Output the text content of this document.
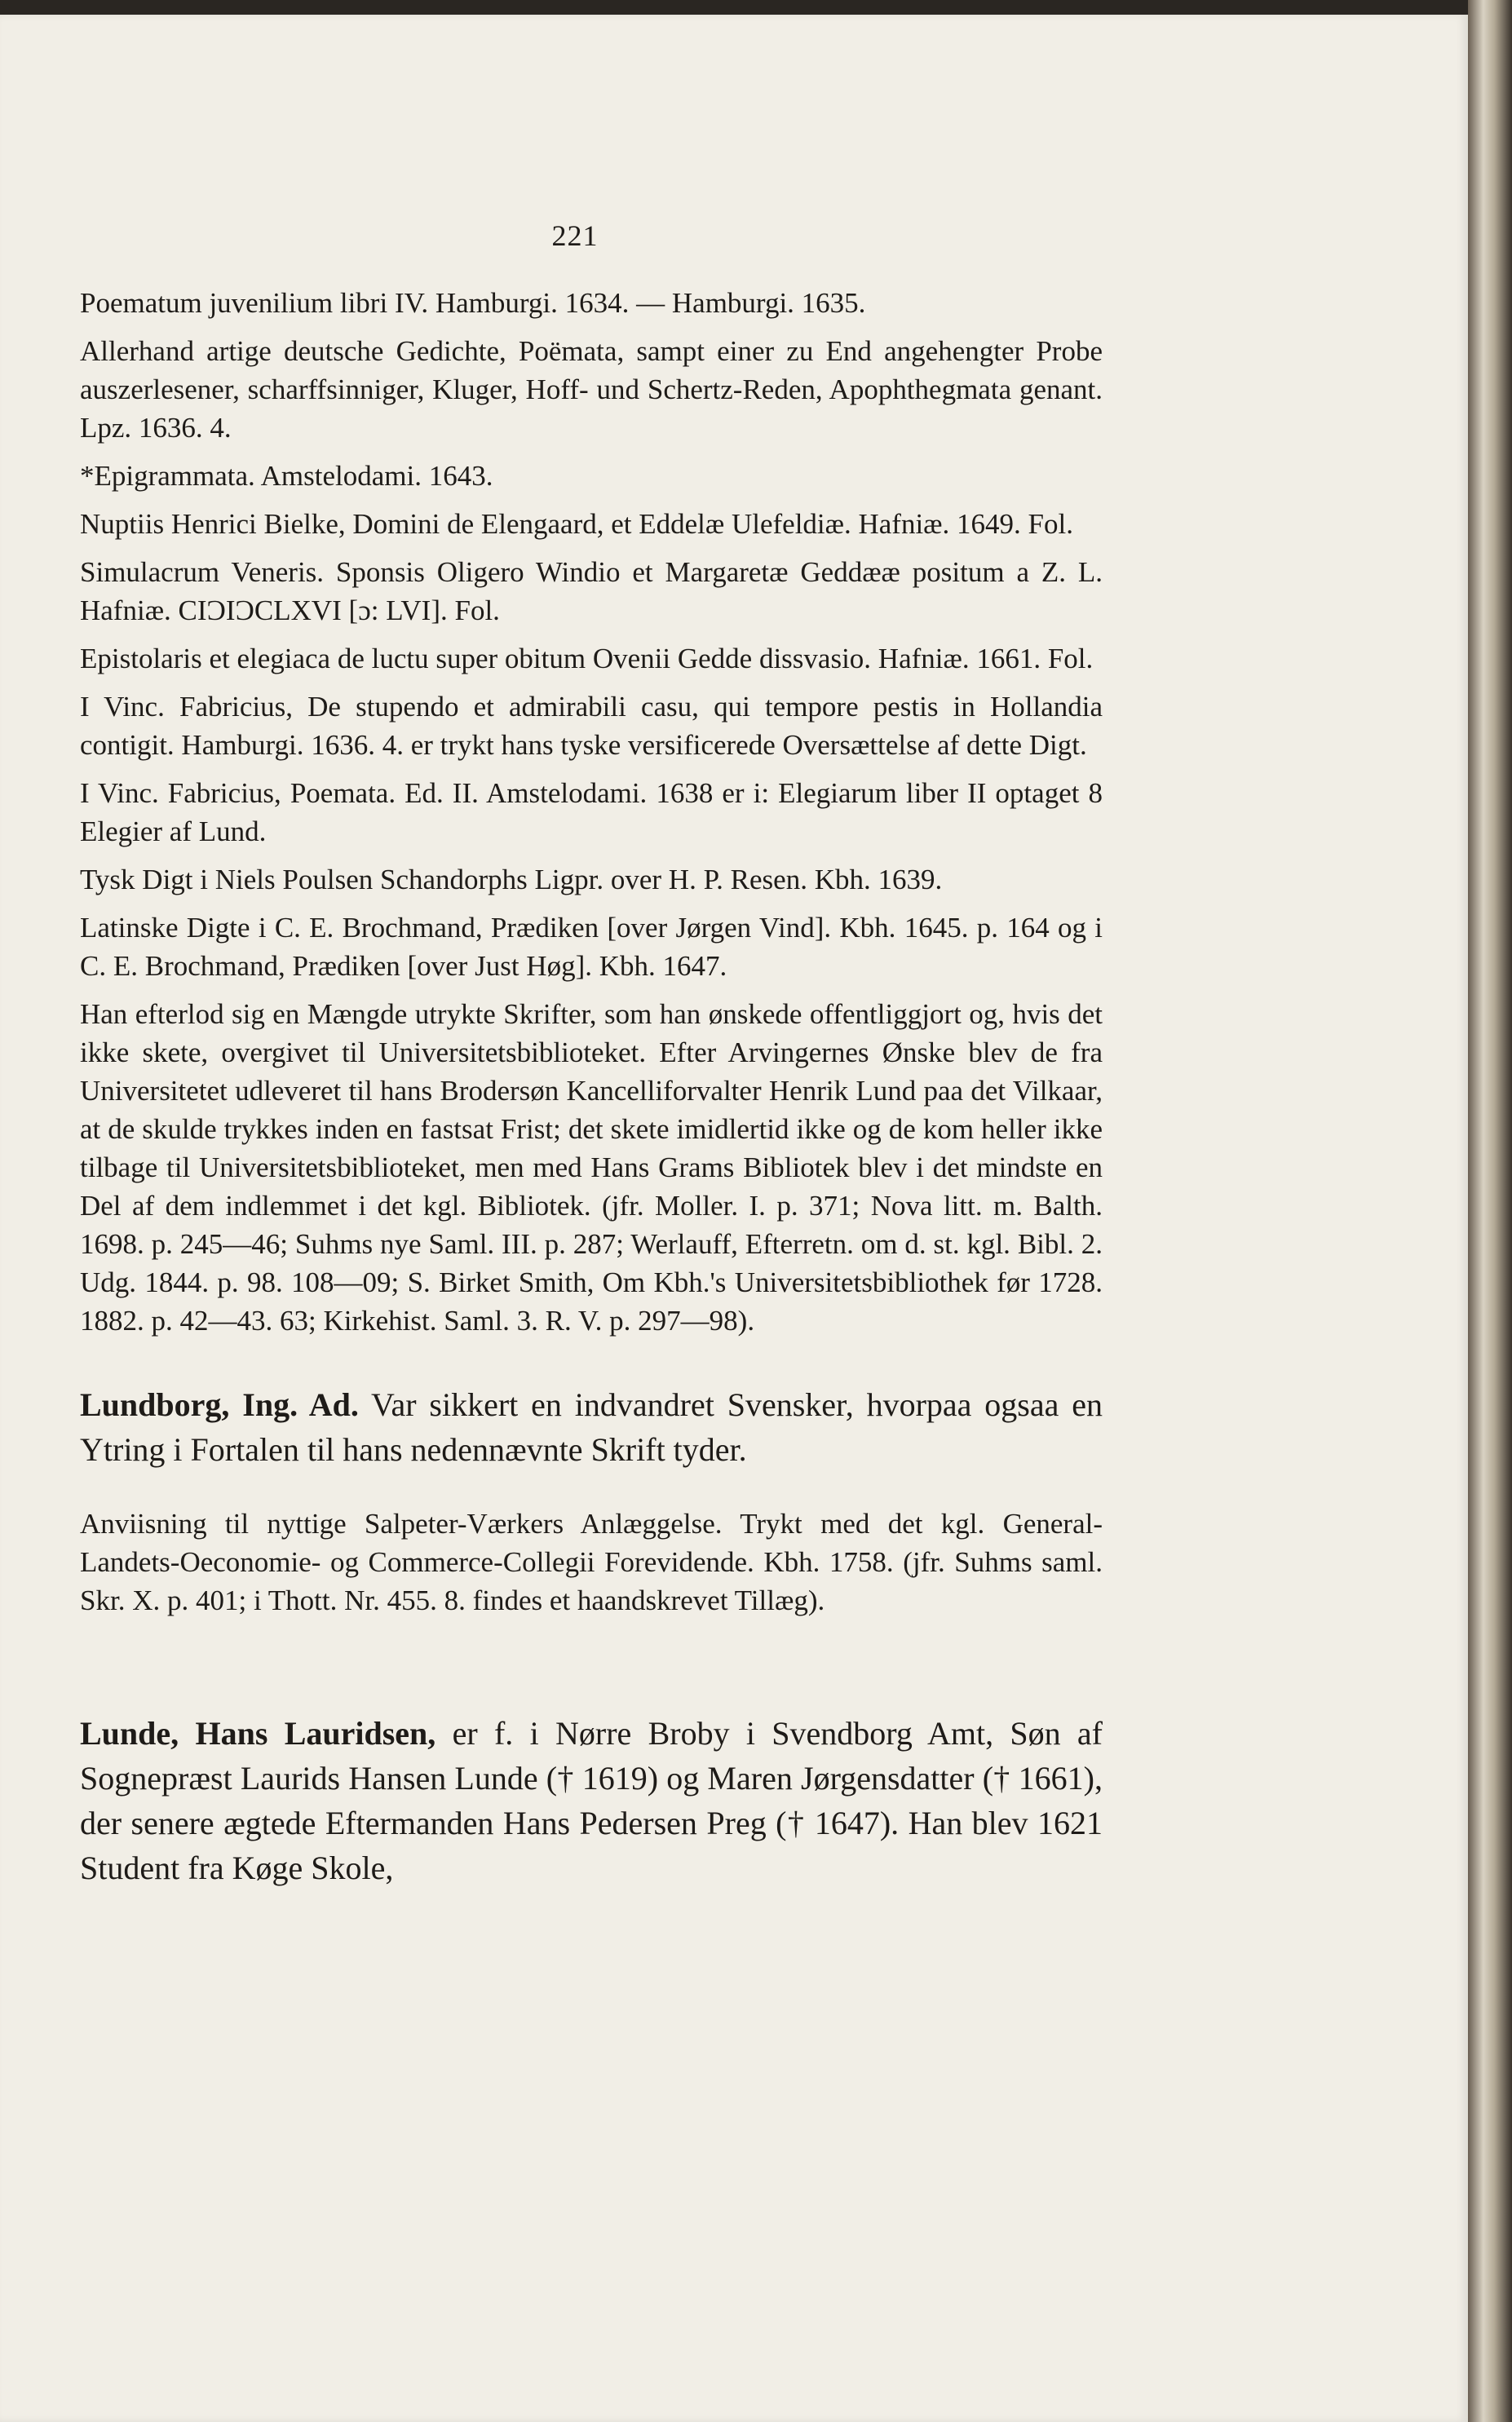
221

Poematum juvenilium libri IV. Hamburgi. 1634. — Hamburgi. 1635.

Allerhand artige deutsche Gedichte, Poëmata, sampt einer zu End angehengter Probe auszerlesener, scharffsinniger, Kluger, Hoff- und Schertz-Reden, Apophthegmata genant. Lpz. 1636. 4.

*Epigrammata. Amstelodami. 1643.

Nuptiis Henrici Bielke, Domini de Elengaard, et Eddelæ Ulefeldiæ. Hafniæ. 1649. Fol.

Simulacrum Veneris. Sponsis Oligero Windio et Margaretæ Geddææ positum a Z. L. Hafniæ. CIƆIƆCLXVI [ɔ: LVI]. Fol.

Epistolaris et elegiaca de luctu super obitum Ovenii Gedde dissvasio. Hafniæ. 1661. Fol.

I Vinc. Fabricius, De stupendo et admirabili casu, qui tempore pestis in Hollandia contigit. Hamburgi. 1636. 4. er trykt hans tyske versificerede Oversættelse af dette Digt.

I Vinc. Fabricius, Poemata. Ed. II. Amstelodami. 1638 er i: Elegiarum liber II optaget 8 Elegier af Lund.

Tysk Digt i Niels Poulsen Schandorphs Ligpr. over H. P. Resen. Kbh. 1639.

Latinske Digte i C. E. Brochmand, Prædiken [over Jørgen Vind]. Kbh. 1645. p. 164 og i C. E. Brochmand, Prædiken [over Just Høg]. Kbh. 1647.

Han efterlod sig en Mængde utrykte Skrifter, som han ønskede offentliggjort og, hvis det ikke skete, overgivet til Universitetsbiblioteket. Efter Arvingernes Ønske blev de fra Universitetet udleveret til hans Brodersøn Kancelliforvalter Henrik Lund paa det Vilkaar, at de skulde trykkes inden en fastsat Frist; det skete imidlertid ikke og de kom heller ikke tilbage til Universitetsbiblioteket, men med Hans Grams Bibliotek blev i det mindste en Del af dem indlemmet i det kgl. Bibliotek. (jfr. Moller. I. p. 371; Nova litt. m. Balth. 1698. p. 245—46; Suhms nye Saml. III. p. 287; Werlauff, Efterretn. om d. st. kgl. Bibl. 2. Udg. 1844. p. 98. 108—09; S. Birket Smith, Om Kbh.'s Universitetsbibliothek før 1728. 1882. p. 42—43. 63; Kirkehist. Saml. 3. R. V. p. 297—98).

Lundborg, Ing. Ad. Var sikkert en indvandret Svensker, hvorpaa ogsaa en Ytring i Fortalen til hans nedennævnte Skrift tyder.

Anviisning til nyttige Salpeter-Værkers Anlæggelse. Trykt med det kgl. General-Landets-Oeconomie- og Commerce-Collegii Forevidende. Kbh. 1758. (jfr. Suhms saml. Skr. X. p. 401; i Thott. Nr. 455. 8. findes et haandskrevet Tillæg).

Lunde, Hans Lauridsen, er f. i Nørre Broby i Svendborg Amt, Søn af Sognepræst Laurids Hansen Lunde († 1619) og Maren Jørgensdatter († 1661), der senere ægtede Eftermanden Hans Pedersen Preg († 1647). Han blev 1621 Student fra Køge Skole,
